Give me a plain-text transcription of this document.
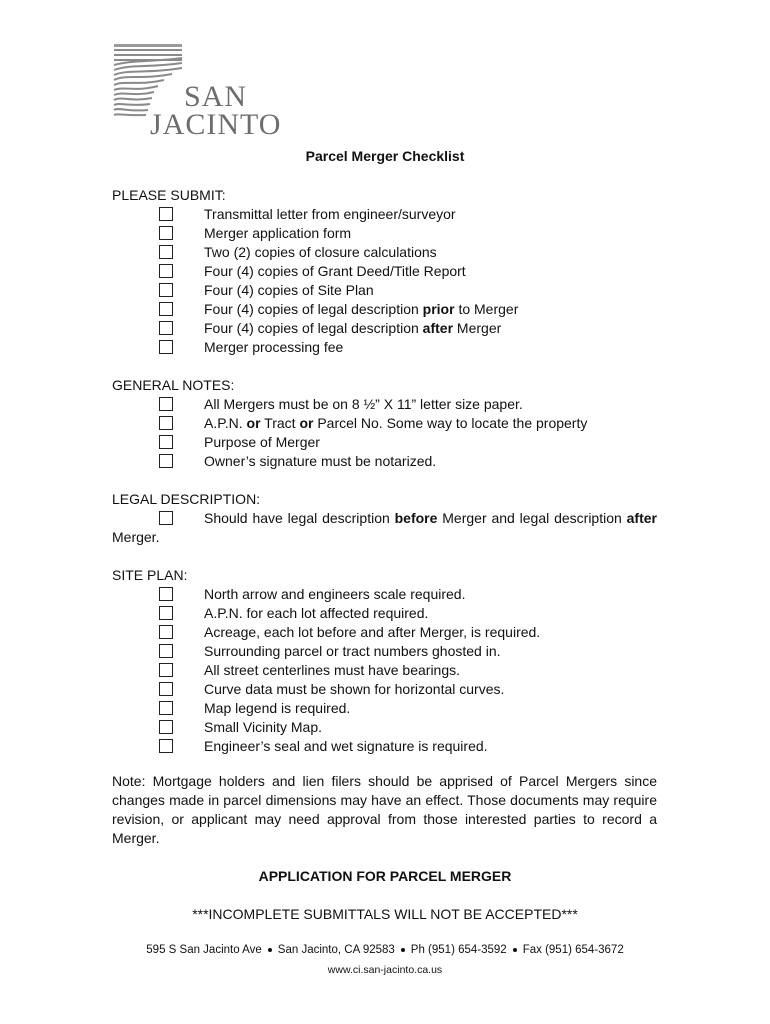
SAN
JACINTO
Parcel Merger Checklist
PLEASE SUBMIT:
Transmittal letter from engineer/surveyor
Merger application form
Two (2) copies of closure calculations
Four (4) copies of Grant Deed/Title Report
Four (4) copies of Site Plan
Four (4) copies of legal description prior to Merger
Four (4) copies of legal description after Merger
Merger processing fee
GENERAL NOTES:
All Mergers must be on 8 ½” X 11” letter size paper.
A.P.N. or Tract or Parcel No. Some way to locate the property
Purpose of Merger
Owner’s signature must be notarized.
LEGAL DESCRIPTION:
Should have legal description before Merger and legal description after
Merger.
SITE PLAN:
North arrow and engineers scale required.
A.P.N. for each lot affected required.
Acreage, each lot before and after Merger, is required.
Surrounding parcel or tract numbers ghosted in.
All street centerlines must have bearings.
Curve data must be shown for horizontal curves.
Map legend is required.
Small Vicinity Map.
Engineer’s seal and wet signature is required.
Note: Mortgage holders and lien filers should be apprised of Parcel Mergers since changes made in parcel dimensions may have an effect. Those documents may require revision, or applicant may need approval from those interested parties to record a Merger.
APPLICATION FOR PARCEL MERGER
***INCOMPLETE SUBMITTALS WILL NOT BE ACCEPTED***
595 S San Jacinto Ave San Jacinto, CA 92583 Ph (951) 654-3592 Fax (951) 654-3672
www.ci.san-jacinto.ca.us
